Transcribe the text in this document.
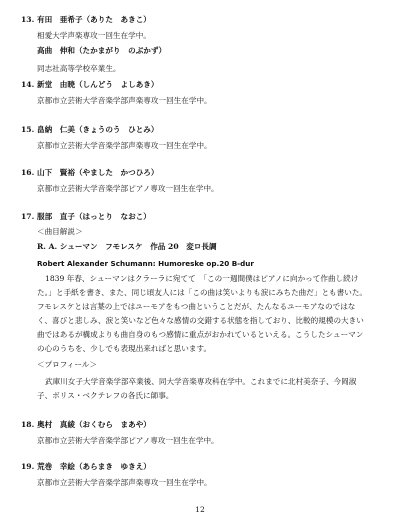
13. 有田　亜希子（ありた　あきこ）
相愛大学声楽専攻一回生在学中。
高曲　伸和（たかまがり　のぶかず）
同志社高等学校卒業生。
14. 新堂　由暁（しんどう　よしあき）
京都市立芸術大学音楽学部声楽専攻一回生在学中。
15. 畠納　仁美（きょうのう　ひとみ）
京都市立芸術大学音楽学部声楽専攻一回生在学中。
16. 山下　賢裕（やました　かつひろ）
京都市立芸術大学音楽学部ピアノ専攻一回生在学中。
17. 服部　直子（はっとり　なおこ）
＜曲目解説＞
R. A. シューマン　フモレスケ　作品 20　変ロ長調
Robert Alexander Schumann: Humoreske op.20 B-dur
1839 年春、シューマンはクラーラに宛てて　「この一週間僕はピアノに向かって作曲し続けた。」と手紙を書き、また、同じ頃友人には「この曲は笑いよりも涙にみちた曲だ」とも書いた。フモレスケとは言葉の上ではユーモアをもつ曲ということだが、たんなるユーモアなのではなく、喜びと悲しみ、涙と笑いなど色々な感情の交錯する状態を指しており、比較的規模の大きい曲ではあるが構成よりも曲自身のもつ感情に重点がおかれているといえる。こうしたシューマンの心のうちを、少しでも表現出来ればと思います。
＜プロフィール＞
武庫川女子大学音楽学部卒業後、同大学音楽専攻科在学中。これまでに北村美奈子、今岡淑子、ボリス・ベクテレフの各氏に師事。
18. 奥村　真綾（おくむら　まあや）
京都市立芸術大学音楽学部ピアノ専攻一回生在学中。
19. 荒巻　幸絵（あらまき　ゆきえ）
京都市立芸術大学音楽学部声楽専攻一回生在学中。
12
